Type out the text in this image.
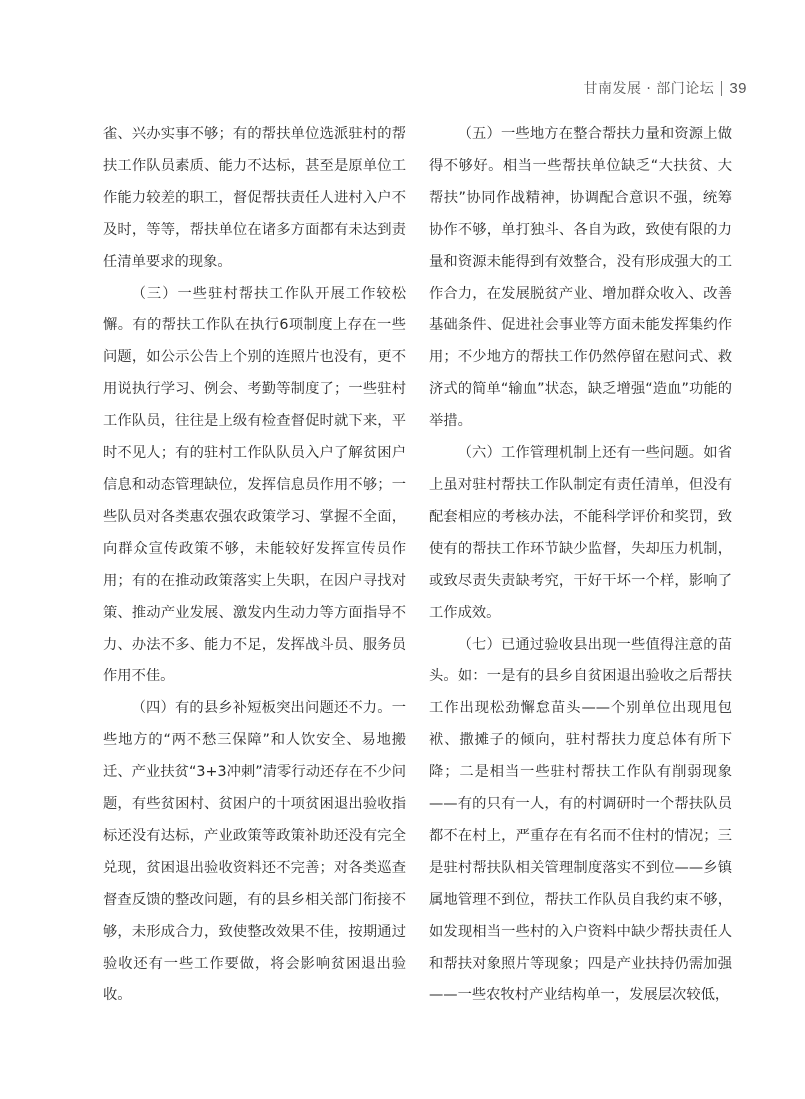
甘南发展 · 部门论坛 39

雀、兴办实事不够；有的帮扶单位选派驻村的帮扶工作队员素质、能力不达标，甚至是原单位工作能力较差的职工，督促帮扶责任人进村入户不及时，等等，帮扶单位在诸多方面都有未达到责任清单要求的现象。

（三）一些驻村帮扶工作队开展工作较松懈。有的帮扶工作队在执行6项制度上存在一些问题，如公示公告上个别的连照片也没有，更不用说执行学习、例会、考勤等制度了；一些驻村工作队员，往往是上级有检查督促时就下来，平时不见人；有的驻村工作队队员入户了解贫困户信息和动态管理缺位，发挥信息员作用不够；一些队员对各类惠农强农政策学习、掌握不全面，向群众宣传政策不够，未能较好发挥宣传员作用；有的在推动政策落实上失职，在因户寻找对策、推动产业发展、激发内生动力等方面指导不力、办法不多、能力不足，发挥战斗员、服务员作用不佳。

（四）有的县乡补短板突出问题还不力。一些地方的“两不愁三保障”和人饮安全、易地搬迁、产业扶贫“3+3冲刺”清零行动还存在不少问题，有些贫困村、贫困户的十项贫困退出验收指标还没有达标，产业政策等政策补助还没有完全兑现，贫困退出验收资料还不完善；对各类巡查督查反馈的整改问题，有的县乡相关部门衔接不够，未形成合力，致使整改效果不佳，按期通过验收还有一些工作要做，将会影响贫困退出验收。

（五）一些地方在整合帮扶力量和资源上做得不够好。相当一些帮扶单位缺乏“大扶贫、大帮扶”协同作战精神，协调配合意识不强，统筹协作不够，单打独斗、各自为政，致使有限的力量和资源未能得到有效整合，没有形成强大的工作合力，在发展脱贫产业、增加群众收入、改善基础条件、促进社会事业等方面未能发挥集约作用；不少地方的帮扶工作仍然停留在慰问式、救济式的简单“输血”状态，缺乏增强“造血”功能的举措。

（六）工作管理机制上还有一些问题。如省上虽对驻村帮扶工作队制定有责任清单，但没有配套相应的考核办法，不能科学评价和奖罚，致使有的帮扶工作环节缺少监督，失却压力机制，或致尽责失责缺考究，干好干坏一个样，影响了工作成效。

（七）已通过验收县出现一些值得注意的苗头。如：一是有的县乡自贫困退出验收之后帮扶工作出现松劲懈怠苗头——个别单位出现甩包袱、撒摊子的倾向，驻村帮扶力度总体有所下降；二是相当一些驻村帮扶工作队有削弱现象——有的只有一人，有的村调研时一个帮扶队员都不在村上，严重存在有名而不住村的情况；三是驻村帮扶队相关管理制度落实不到位——乡镇属地管理不到位，帮扶工作队员自我约束不够，如发现相当一些村的入户资料中缺少帮扶责任人和帮扶对象照片等现象；四是产业扶持仍需加强——一些农牧村产业结构单一，发展层次较低，
